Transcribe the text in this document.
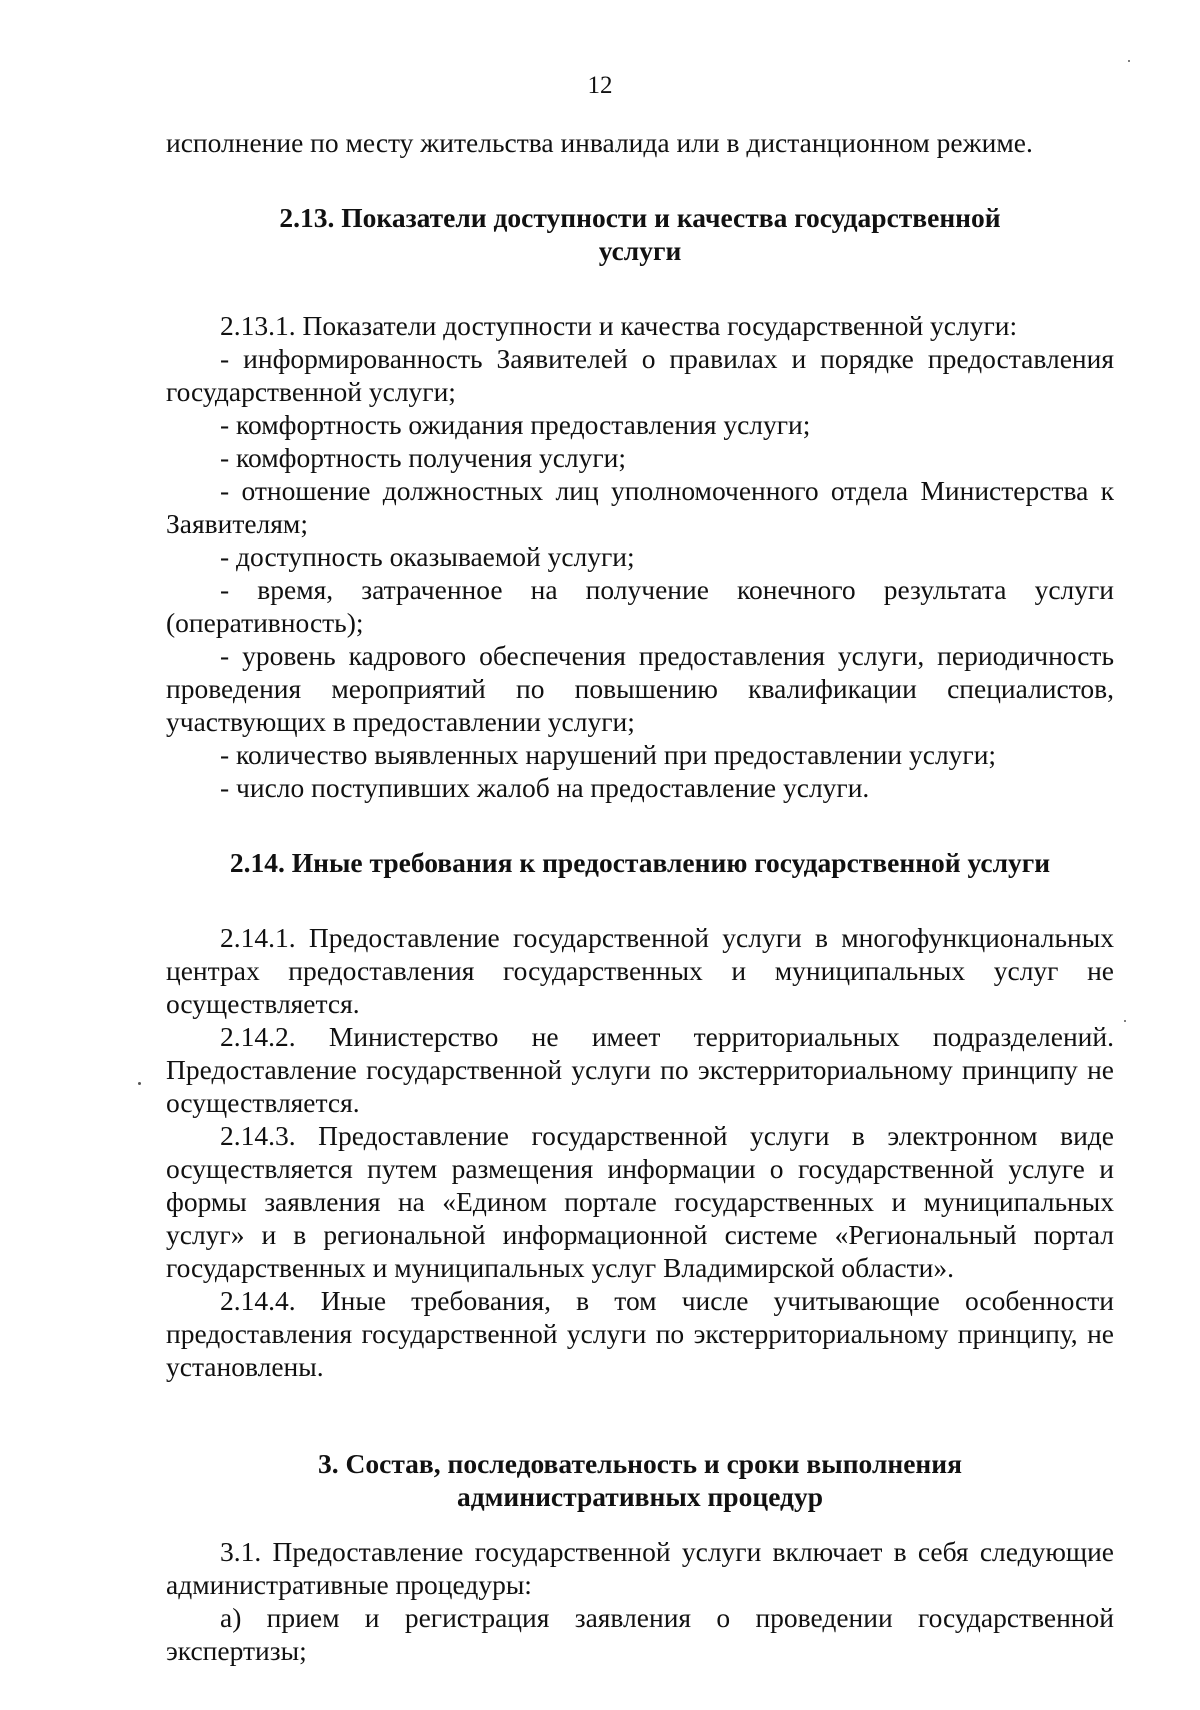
12

исполнение по месту жительства инвалида или в дистанционном режиме.

2.13. Показатели доступности и качества государственной
услуги

2.13.1. Показатели доступности и качества государственной услуги:

- информированность Заявителей о правилах и порядке предоставления государственной услуги;

- комфортность ожидания предоставления услуги;

- комфортность получения услуги;

- отношение должностных лиц уполномоченного отдела Министерства к Заявителям;

- доступность оказываемой услуги;

- время, затраченное на получение конечного результата услуги (оперативность);

- уровень кадрового обеспечения предоставления услуги, периодичность проведения мероприятий по повышению квалификации специалистов, участвующих в предоставлении услуги;

- количество выявленных нарушений при предоставлении услуги;

- число поступивших жалоб на предоставление услуги.

2.14. Иные требования к предоставлению государственной услуги

2.14.1. Предоставление государственной услуги в многофункциональных центрах предоставления государственных и муниципальных услуг не осуществляется.

2.14.2. Министерство не имеет территориальных подразделений. Предоставление государственной услуги по экстерриториальному принципу не осуществляется.

2.14.3. Предоставление государственной услуги в электронном виде осуществляется путем размещения информации о государственной услуге и формы заявления на «Едином портале государственных и муниципальных услуг» и в региональной информационной системе «Региональный портал государственных и муниципальных услуг Владимирской области».

2.14.4. Иные требования, в том числе учитывающие особенности предоставления государственной услуги по экстерриториальному принципу, не установлены.

3. Состав, последовательность и сроки выполнения
административных процедур

3.1. Предоставление государственной услуги включает в себя следующие административные процедуры:

а) прием и регистрация заявления о проведении государственной экспертизы;
